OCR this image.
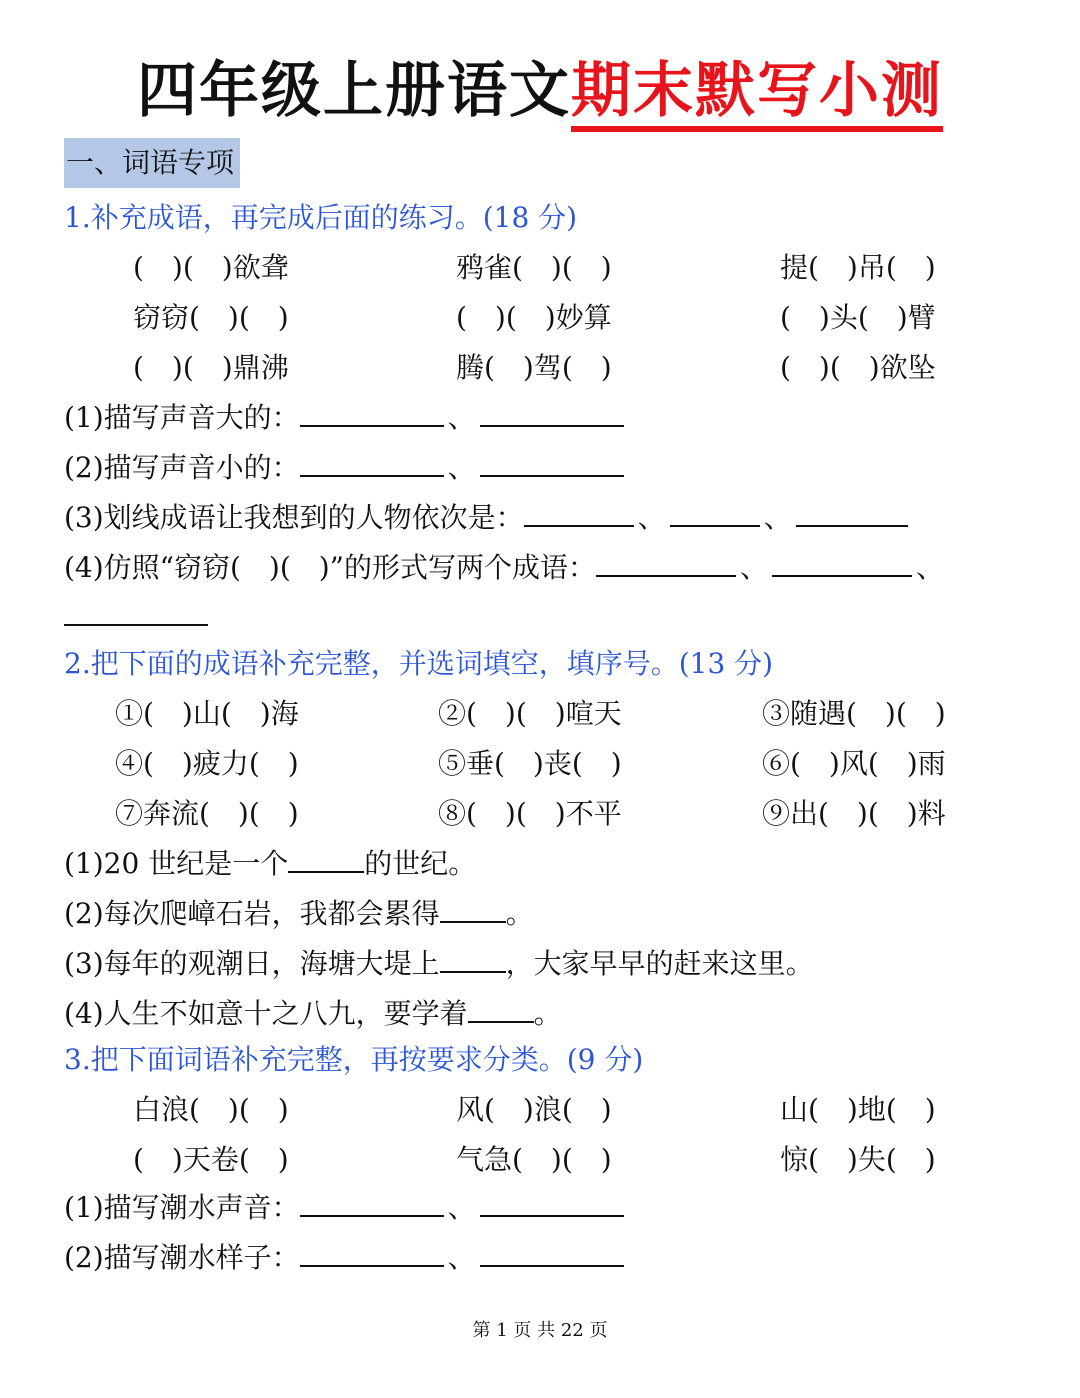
四年级上册语文期末默写小测
一、词语专项
1.补充成语，再完成后面的练习。(18 分)
(　)(　)欲聋	鸦雀(　)(　)	提(　)吊(　)
窃窃(　)(　)	(　)(　)妙算	(　)头(　)臂
(　)(　)鼎沸	腾(　)驾(　)	(　)(　)欲坠
(1)描写声音大的：	、
(2)描写声音小的：	、
(3)划线成语让我想到的人物依次是：	、	、
(4)仿照“窃窃(　)(　)”的形式写两个成语：	、	、
2.把下面的成语补充完整，并选词填空，填序号。(13 分)
①(　)山(　)海	②(　)(　)喧天	③随遇(　)(　)
④(　)疲力(　)	⑤垂(　)丧(　)	⑥(　)风(　)雨
⑦奔流(　)(　)	⑧(　)(　)不平	⑨出(　)(　)料
(1)20 世纪是一个	的世纪。
(2)每次爬嶂石岩，我都会累得 。
(3)每年的观潮日，海塘大堤上 ，大家早早的赶来这里。
(4)人生不如意十之八九，要学着 。
3.把下面词语补充完整，再按要求分类。(9 分)
白浪(　)(　)	风(　)浪(　)	山(　)地(　)
(　)天卷(　)	气急(　)(　)	惊(　)失(　)
(1)描写潮水声音：	、
(2)描写潮水样子：	、
第 1 页 共 22 页
